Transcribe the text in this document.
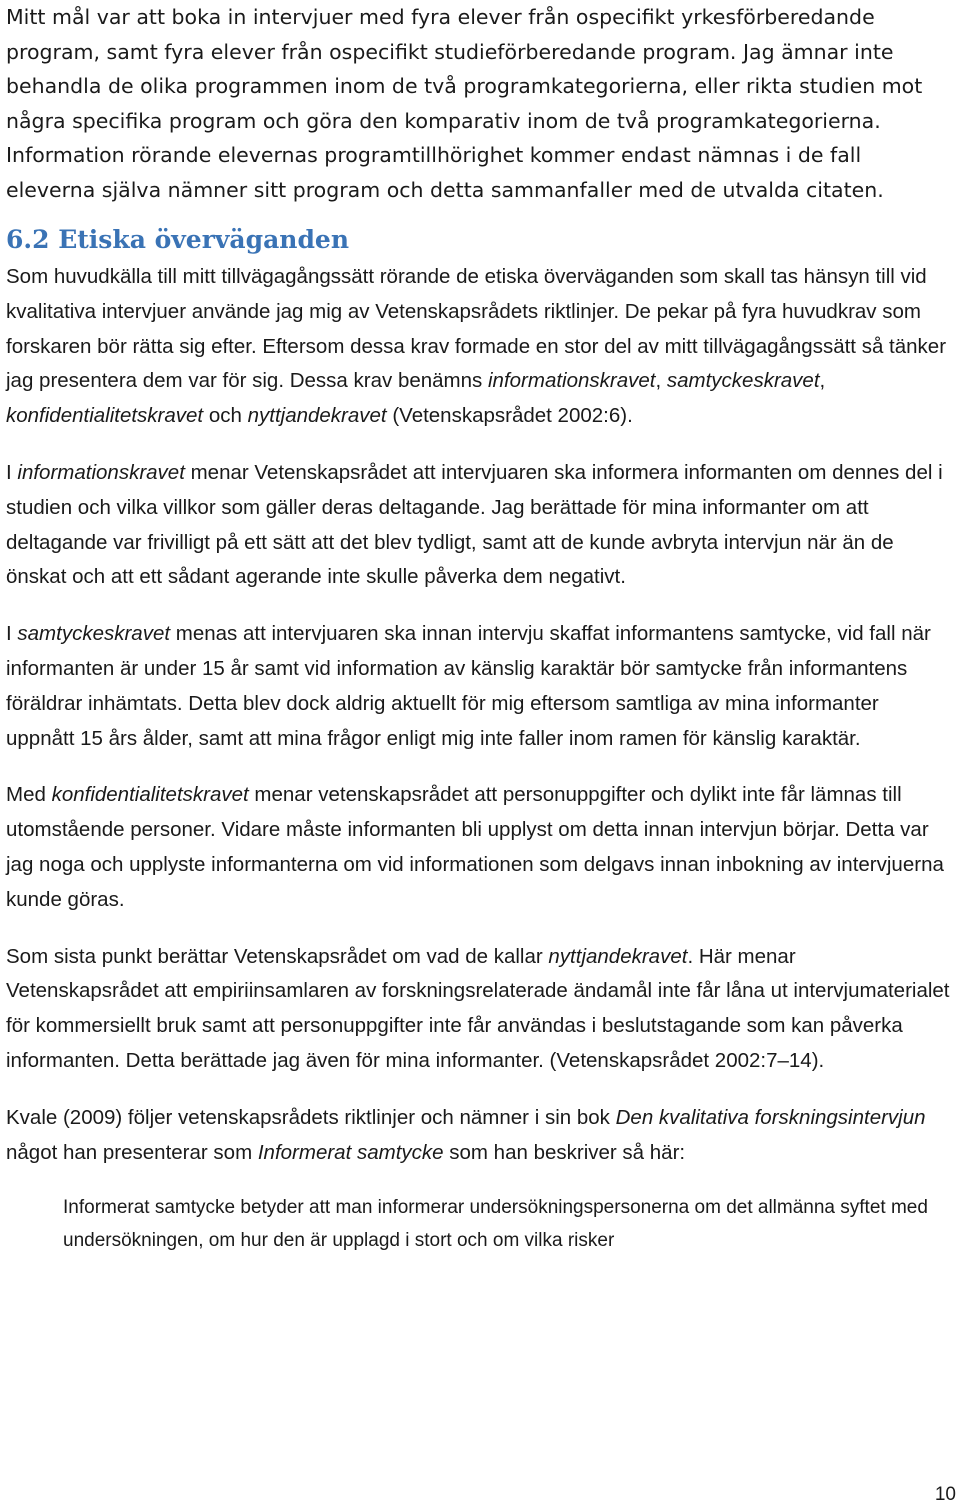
Mitt mål var att boka in intervjuer med fyra elever från ospecifikt yrkesförberedande program, samt fyra elever från ospecifikt studieförberedande program. Jag ämnar inte behandla de olika programmen inom de två programkategorierna, eller rikta studien mot några specifika program och göra den komparativ inom de två programkategorierna. Information rörande elevernas programtillhörighet kommer endast nämnas i de fall eleverna själva nämner sitt program och detta sammanfaller med de utvalda citaten.

6.2 Etiska överväganden

Som huvudkälla till mitt tillvägagångssätt rörande de etiska överväganden som skall tas hänsyn till vid kvalitativa intervjuer använde jag mig av Vetenskapsrådets riktlinjer. De pekar på fyra huvudkrav som forskaren bör rätta sig efter. Eftersom dessa krav formade en stor del av mitt tillvägagångssätt så tänker jag presentera dem var för sig. Dessa krav benämns informationskravet, samtyckeskravet, konfidentialitetskravet och nyttjandekravet (Vetenskapsrådet 2002:6).

I informationskravet menar Vetenskapsrådet att intervjuaren ska informera informanten om dennes del i studien och vilka villkor som gäller deras deltagande. Jag berättade för mina informanter om att deltagande var frivilligt på ett sätt att det blev tydligt, samt att de kunde avbryta intervjun när än de önskat och att ett sådant agerande inte skulle påverka dem negativt.

I samtyckeskravet menas att intervjuaren ska innan intervju skaffat informantens samtycke, vid fall när informanten är under 15 år samt vid information av känslig karaktär bör samtycke från informantens föräldrar inhämtats. Detta blev dock aldrig aktuellt för mig eftersom samtliga av mina informanter uppnått 15 års ålder, samt att mina frågor enligt mig inte faller inom ramen för känslig karaktär.

Med konfidentialitetskravet menar vetenskapsrådet att personuppgifter och dylikt inte får lämnas till utomstående personer. Vidare måste informanten bli upplyst om detta innan intervjun börjar. Detta var jag noga och upplyste informanterna om vid informationen som delgavs innan inbokning av intervjuerna kunde göras.

Som sista punkt berättar Vetenskapsrådet om vad de kallar nyttjandekravet. Här menar Vetenskapsrådet att empiriinsamlaren av forskningsrelaterade ändamål inte får låna ut intervjumaterialet för kommersiellt bruk samt att personuppgifter inte får användas i beslutstagande som kan påverka informanten. Detta berättade jag även för mina informanter. (Vetenskapsrådet 2002:7–14).

Kvale (2009) följer vetenskapsrådets riktlinjer och nämner i sin bok Den kvalitativa forskningsintervjun något han presenterar som Informerat samtycke som han beskriver så här:

Informerat samtycke betyder att man informerar undersökningspersonerna om det allmänna syftet med undersökningen, om hur den är upplagd i stort och om vilka risker

10
